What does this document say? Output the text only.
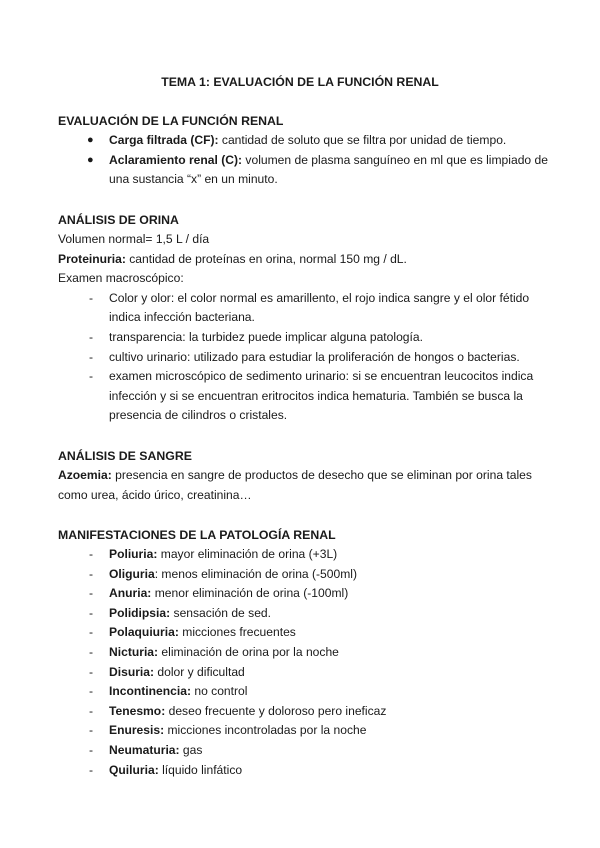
TEMA 1: EVALUACIÓN DE LA FUNCIÓN RENAL
EVALUACIÓN DE LA FUNCIÓN RENAL
● Carga filtrada (CF): cantidad de soluto que se filtra por unidad de tiempo.
● Aclaramiento renal (C): volumen de plasma sanguíneo en ml que es limpiado de una sustancia “x” en un minuto.
ANÁLISIS DE ORINA

Volumen normal= 1,5 L / día

Proteinuria: cantidad de proteínas en orina, normal 150 mg / dL.

Examen macroscópico:

- Color y olor: el color normal es amarillento, el rojo indica sangre y el olor fétido indica infección bacteriana.
- transparencia: la turbidez puede implicar alguna patología.
- cultivo urinario: utilizado para estudiar la proliferación de hongos o bacterias.
- examen microscópico de sedimento urinario: si se encuentran leucocitos indica infección y si se encuentran eritrocitos indica hematuria. También se busca la presencia de cilindros o cristales.
ANÁLISIS DE SANGRE

Azoemia: presencia en sangre de productos de desecho que se eliminan por orina tales como urea, ácido úrico, creatinina…

MANIFESTACIONES DE LA PATOLOGÍA RENAL
- Poliuria: mayor eliminación de orina (+3L)
- Oliguria: menos eliminación de orina (-500ml)
- Anuria: menor eliminación de orina (-100ml)
- Polidipsia: sensación de sed.
- Polaquiuria: micciones frecuentes
- Nicturia: eliminación de orina por la noche
- Disuria: dolor y dificultad
- Incontinencia: no control
- Tenesmo: deseo frecuente y doloroso pero ineficaz
- Enuresis: micciones incontroladas por la noche
- Neumaturia: gas
- Quiluria: líquido linfático
